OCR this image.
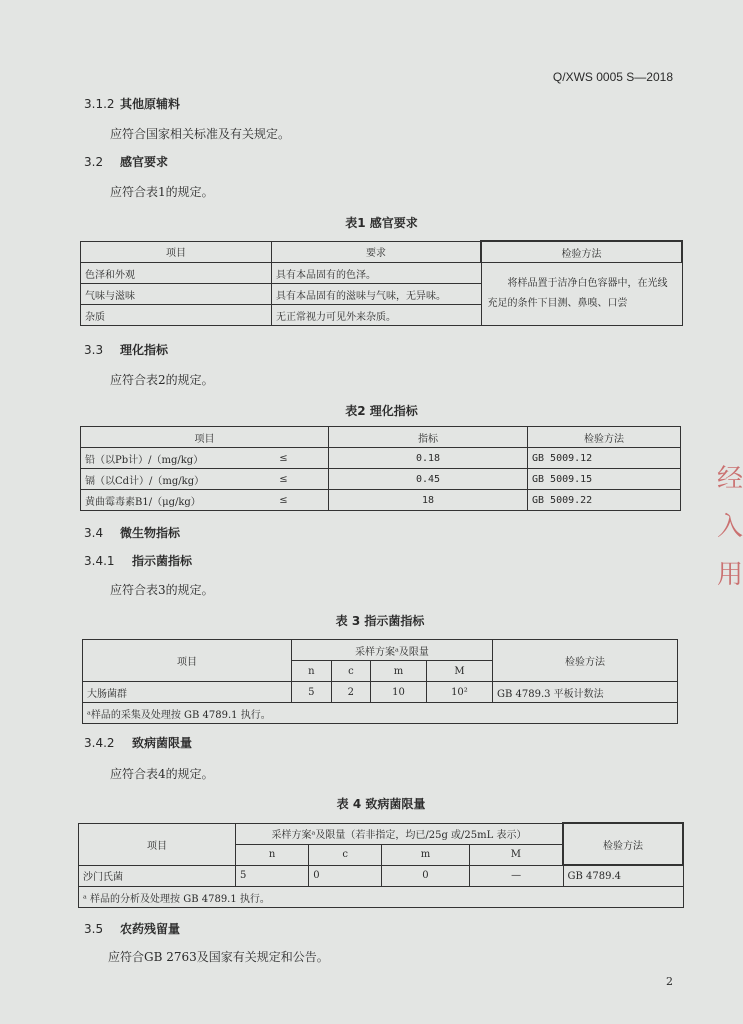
Q/XWS 0005 S—2018
3.1.2 其他原辅料
应符合国家相关标准及有关规定。
3.2 感官要求
应符合表1的规定。
表1 感官要求
项目	要求	检验方法
色泽和外观	具有本品固有的色泽。	将样品置于洁净白色容器中，在光线充足的条件下目测、鼻嗅、口尝
气味与滋味	具有本品固有的滋味与气味，无异味。	
杂质	无正常视力可见外来杂质。	
3.3 理化指标
应符合表2的规定。
表2 理化指标
项目		指标	检验方法
铅（以Pb计）/（mg/kg）	≤	0.18	GB 5009.12
镉（以Cd计）/（mg/kg）	≤	0.45	GB 5009.15
黄曲霉毒素B1/（μg/kg）	≤	18	GB 5009.22
3.4 微生物指标
3.4.1 指示菌指标
应符合表3的规定。
表 3 指示菌指标
项目	采样方案ᵃ及限量				检验方法
	n	c	m	M	
大肠菌群	5	2	10	10²	GB 4789.3 平板计数法
ᵃ样品的采集及处理按 GB 4789.1 执行。					
3.4.2 致病菌限量
应符合表4的规定。
表 4 致病菌限量
项目	采样方案ᵃ及限量（若非指定，均已/25g 或/25mL 表示）				检验方法
	n	c	m	M	
沙门氏菌	5	0	0	—	GB 4789.4
ᵃ 样品的分析及处理按 GB 4789.1 执行。					
3.5 农药残留量
应符合GB 2763及国家有关规定和公告。
经 入 用
2
